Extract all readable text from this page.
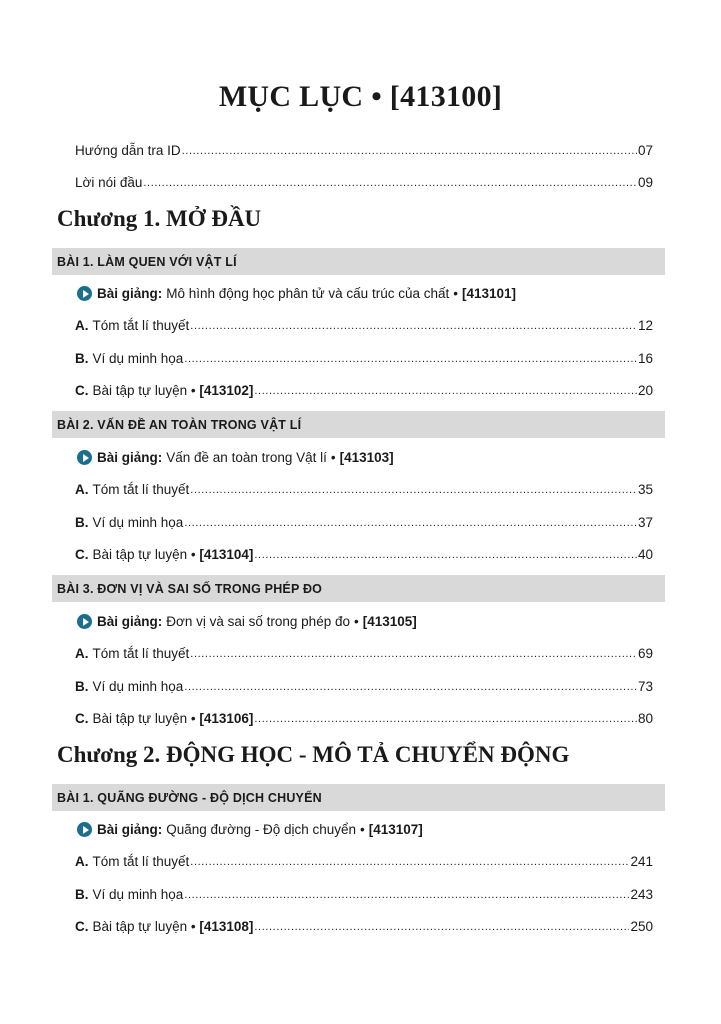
MỤC LỤC • [413100]
Hướng dẫn tra ID .....	07
Lời nói đầu .....	09
Chương 1. MỞ ĐẦU
BÀI 1. LÀM QUEN VỚI VẬT LÍ
Bài giảng: Mô hình động học phân tử và cấu trúc của chất • [413101]
A. Tóm tắt lí thuyết .....	12
B. Ví dụ minh họa .....	16
C. Bài tập tự luyện • [413102] .....	20
BÀI 2. VẤN ĐỀ AN TOÀN TRONG VẬT LÍ
Bài giảng: Vấn đề an toàn trong Vật lí • [413103]
A. Tóm tắt lí thuyết .....	35
B. Ví dụ minh họa .....	37
C. Bài tập tự luyện • [413104] .....	40
BÀI 3. ĐƠN VỊ VÀ SAI SỐ TRONG PHÉP ĐO
Bài giảng: Đơn vị và sai số trong phép đo • [413105]
A. Tóm tắt lí thuyết .....	69
B. Ví dụ minh họa .....	73
C. Bài tập tự luyện • [413106] .....	80
Chương 2. ĐỘNG HỌC - MÔ TẢ CHUYỂN ĐỘNG
BÀI 1. QUÃNG ĐƯỜNG - ĐỘ DỊCH CHUYỂN
Bài giảng: Quãng đường - Độ dịch chuyển • [413107]
A. Tóm tắt lí thuyết .....	241
B. Ví dụ minh họa .....	243
C. Bài tập tự luyện • [413108] .....	250
